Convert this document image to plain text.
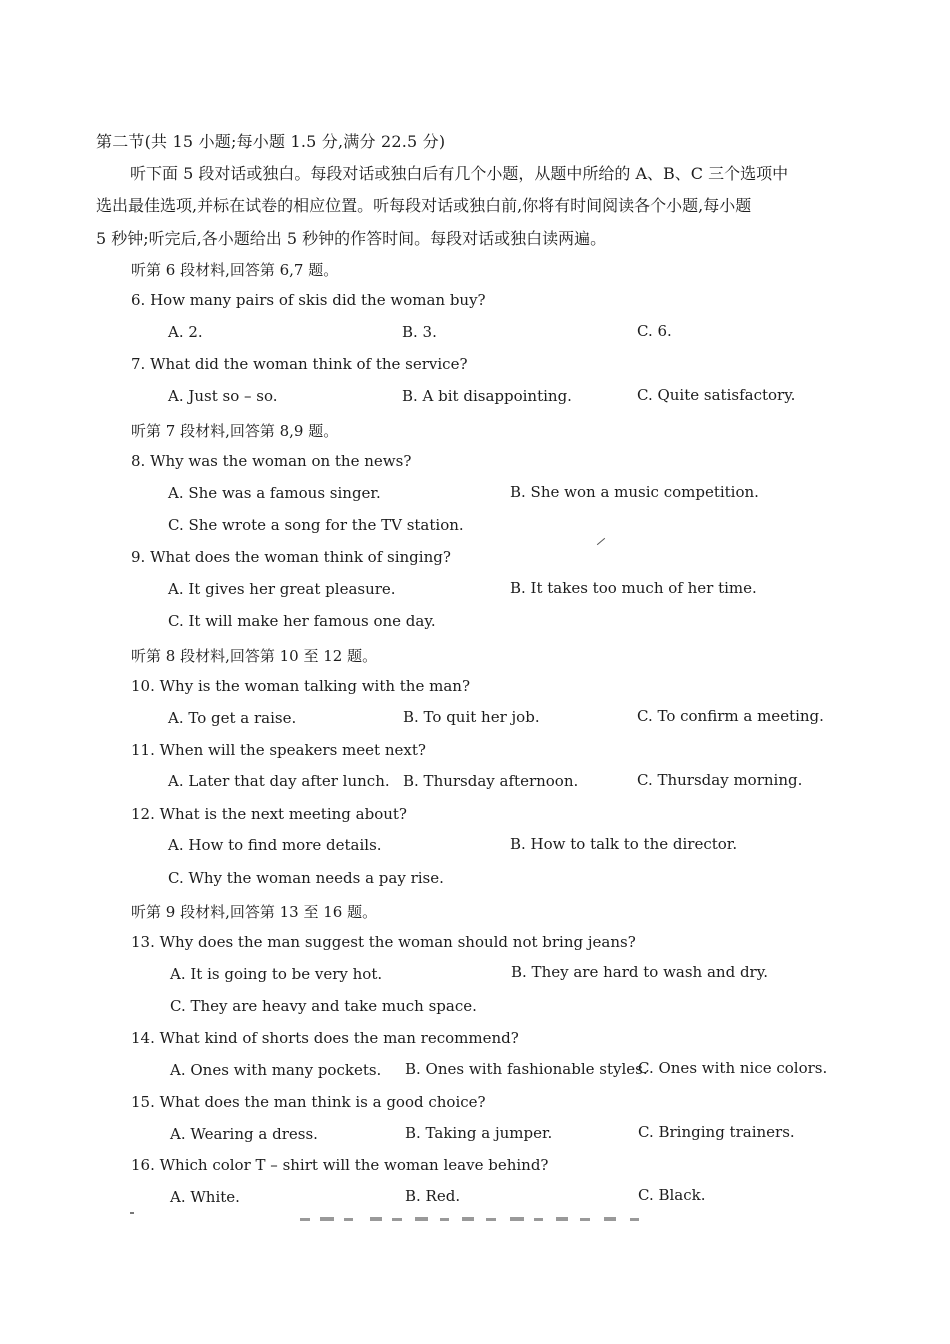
第二节(共 15 小题;每小题 1.5 分,满分 22.5 分)
听下面 5 段对话或独白。每段对话或独白后有几个小题，从题中所给的 A、B、C 三个选项中
选出最佳选项,并标在试卷的相应位置。听每段对话或独白前,你将有时间阅读各个小题,每小题
5 秒钟;听完后,各小题给出 5 秒钟的作答时间。每段对话或独白读两遍。
听第 6 段材料,回答第 6,7 题。
6. How many pairs of skis did the woman buy?
A. 2.	B. 3.	C. 6.
7. What did the woman think of the service?
A. Just so – so.	B. A bit disappointing.	C. Quite satisfactory.
听第 7 段材料,回答第 8,9 题。
8. Why was the woman on the news?
A. She was a famous singer.	B. She won a music competition.
C. She wrote a song for the TV station.
9. What does the woman think of singing?
A. It gives her great pleasure.	B. It takes too much of her time.
C. It will make her famous one day.
听第 8 段材料,回答第 10 至 12 题。
10. Why is the woman talking with the man?
A. To get a raise.	B. To quit her job.	C. To confirm a meeting.
11. When will the speakers meet next?
A. Later that day after lunch. B. Thursday afternoon.	C. Thursday morning.
12. What is the next meeting about?
A. How to find more details.	B. How to talk to the director.
C. Why the woman needs a pay rise.
听第 9 段材料,回答第 13 至 16 题。
13. Why does the man suggest the woman should not bring jeans?
A. It is going to be very hot.	B. They are hard to wash and dry.
C. They are heavy and take much space.
14. What kind of shorts does the man recommend?
A. Ones with many pockets. B. Ones with fashionable styles.
C. Ones with nice colors.
15. What does the man think is a good choice?
A. Wearing a dress.	B. Taking a jumper.	C. Bringing trainers.
16. Which color T – shirt will the woman leave behind?
A. White.	B. Red.	C. Black.
